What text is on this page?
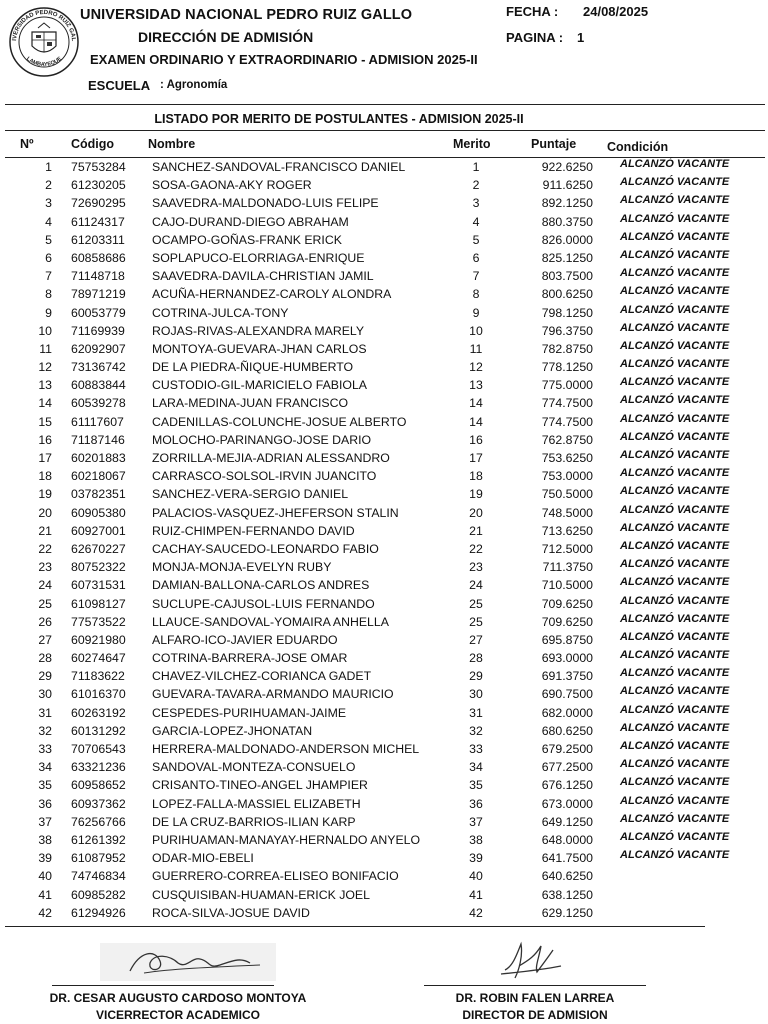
IVERSIDAD PEDRO RUIZ GAL
LAMBAYEQUE
UNIVERSIDAD NACIONAL PEDRO RUIZ GALLO
DIRECCIÓN DE ADMISIÓN
EXAMEN ORDINARIO Y EXTRAORDINARIO - ADMISION 2025-II
ESCUELA : Agronomía
FECHA : 24/08/2025
PAGINA : 1
LISTADO POR MERITO DE POSTULANTES - ADMISION 2025-II
Nº	Código	Nombre	Merito	Puntaje Condición
1 75753284 SANCHEZ-SANDOVAL-FRANCISCO DANIEL	1	922.6250 ALCANZÓ VACANTE
2 61230205 SOSA-GAONA-AKY ROGER	2	911.6250 ALCANZÓ VACANTE
3 72690295 SAAVEDRA-MALDONADO-LUIS FELIPE	3	892.1250 ALCANZÓ VACANTE
4 61124317 CAJO-DURAND-DIEGO ABRAHAM	4	880.3750 ALCANZÓ VACANTE
5 61203311 OCAMPO-GOÑAS-FRANK ERICK	5	826.0000 ALCANZÓ VACANTE
6 60858686 SOPLAPUCO-ELORRIAGA-ENRIQUE	6	825.1250 ALCANZÓ VACANTE
7 71148718 SAAVEDRA-DAVILA-CHRISTIAN JAMIL	7	803.7500 ALCANZÓ VACANTE
8 78971219 ACUÑA-HERNANDEZ-CAROLY ALONDRA	8	800.6250 ALCANZÓ VACANTE
9 60053779 COTRINA-JULCA-TONY	9	798.1250 ALCANZÓ VACANTE
10 71169939 ROJAS-RIVAS-ALEXANDRA MARELY	10	796.3750 ALCANZÓ VACANTE
11 62092907 MONTOYA-GUEVARA-JHAN CARLOS	11	782.8750 ALCANZÓ VACANTE
12 73136742 DE LA PIEDRA-ÑIQUE-HUMBERTO	12	778.1250 ALCANZÓ VACANTE
13 60883844 CUSTODIO-GIL-MARICIELO FABIOLA	13	775.0000 ALCANZÓ VACANTE
14 60539278 LARA-MEDINA-JUAN FRANCISCO	14	774.7500 ALCANZÓ VACANTE
15 61117607 CADENILLAS-COLUNCHE-JOSUE ALBERTO	14	774.7500 ALCANZÓ VACANTE
16 71187146 MOLOCHO-PARINANGO-JOSE DARIO	16	762.8750 ALCANZÓ VACANTE
17 60201883 ZORRILLA-MEJIA-ADRIAN ALESSANDRO	17	753.6250 ALCANZÓ VACANTE
18 60218067 CARRASCO-SOLSOL-IRVIN JUANCITO	18	753.0000 ALCANZÓ VACANTE
19 03782351 SANCHEZ-VERA-SERGIO DANIEL	19	750.5000 ALCANZÓ VACANTE
20 60905380 PALACIOS-VASQUEZ-JHEFERSON STALIN	20	748.5000 ALCANZÓ VACANTE
21 60927001 RUIZ-CHIMPEN-FERNANDO DAVID	21	713.6250 ALCANZÓ VACANTE
22 62670227 CACHAY-SAUCEDO-LEONARDO FABIO	22	712.5000 ALCANZÓ VACANTE
23 80752322 MONJA-MONJA-EVELYN RUBY	23	711.3750 ALCANZÓ VACANTE
24 60731531 DAMIAN-BALLONA-CARLOS ANDRES	24	710.5000 ALCANZÓ VACANTE
25 61098127 SUCLUPE-CAJUSOL-LUIS FERNANDO	25	709.6250 ALCANZÓ VACANTE
26 77573522 LLAUCE-SANDOVAL-YOMAIRA ANHELLA	25	709.6250 ALCANZÓ VACANTE
27 60921980 ALFARO-ICO-JAVIER EDUARDO	27	695.8750 ALCANZÓ VACANTE
28 60274647 COTRINA-BARRERA-JOSE OMAR	28	693.0000 ALCANZÓ VACANTE
29 71183622 CHAVEZ-VILCHEZ-CORIANCA GADET	29	691.3750 ALCANZÓ VACANTE
30 61016370 GUEVARA-TAVARA-ARMANDO MAURICIO	30	690.7500 ALCANZÓ VACANTE
31 60263192 CESPEDES-PURIHUAMAN-JAIME	31	682.0000 ALCANZÓ VACANTE
32 60131292 GARCIA-LOPEZ-JHONATAN	32	680.6250 ALCANZÓ VACANTE
33 70706543 HERRERA-MALDONADO-ANDERSON MICHEL	33	679.2500 ALCANZÓ VACANTE
34 63321236 SANDOVAL-MONTEZA-CONSUELO	34	677.2500 ALCANZÓ VACANTE
35 60958652 CRISANTO-TINEO-ANGEL JHAMPIER	35	676.1250 ALCANZÓ VACANTE
36 60937362 LOPEZ-FALLA-MASSIEL ELIZABETH	36	673.0000 ALCANZÓ VACANTE
37 76256766 DE LA CRUZ-BARRIOS-ILIAN KARP	37	649.1250 ALCANZÓ VACANTE
38 61261392 PURIHUAMAN-MANAYAY-HERNALDO ANYELO	38	648.0000 ALCANZÓ VACANTE
39 61087952 ODAR-MIO-EBELI	39	641.7500 ALCANZÓ VACANTE
40 74746834 GUERRERO-CORREA-ELISEO BONIFACIO	40	640.6250
41 60985282 CUSQUISIBAN-HUAMAN-ERICK JOEL	41	638.1250
42 61294926 ROCA-SILVA-JOSUE DAVID	42	629.1250
DR. CESAR AUGUSTO CARDOSO MONTOYA
VICERRECTOR ACADEMICO
DR. ROBIN FALEN LARREA
DIRECTOR DE ADMISION
